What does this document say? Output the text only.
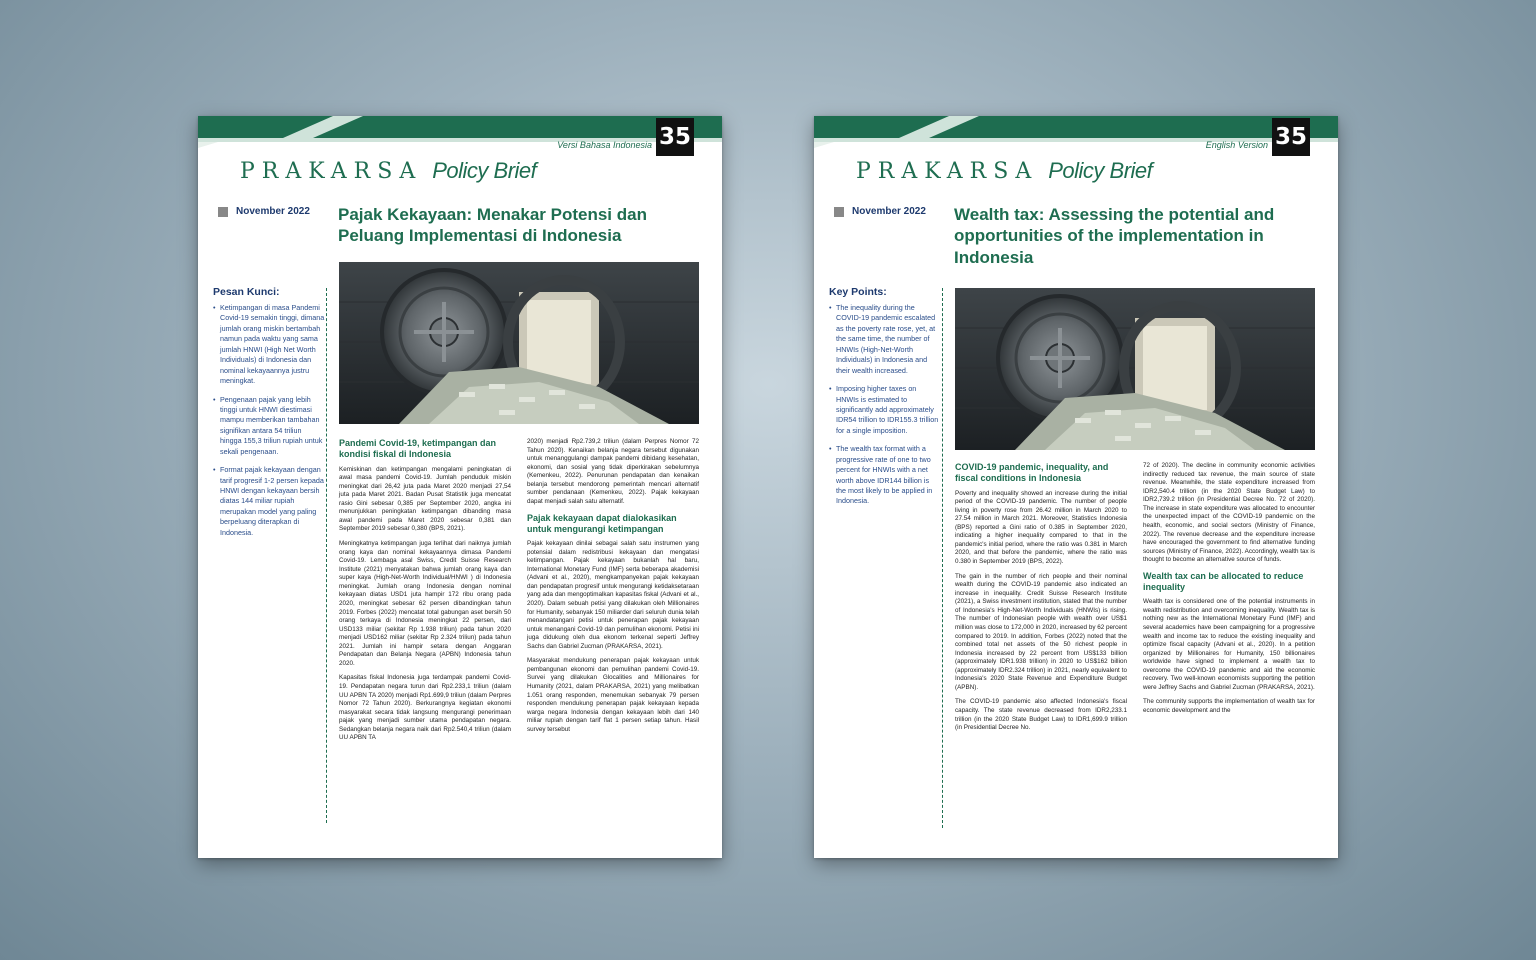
35
Versi Bahasa Indonesia
PRAKARSA Policy Brief
November 2022 Pajak Kekayaan: Menakar Potensi dan Peluang Implementasi di Indonesia
Pesan Kunci:
• Ketimpangan di masa Pandemi Covid-19 semakin tinggi, dimana jumlah orang miskin bertambah namun pada waktu yang sama jumlah HNWI (High Net Worth Individuals) di Indonesia dan nominal kekayaannya justru meningkat.
• Pengenaan pajak yang lebih tinggi untuk HNWI diestimasi mampu memberikan tambahan signifikan antara 54 triliun hingga 155,3 triliun rupiah untuk sekali pengenaan.
• Format pajak kekayaan dengan tarif progresif 1-2 persen kepada HNWI dengan kekayaan bersih diatas 144 miliar rupiah merupakan model yang paling berpeluang diterapkan di Indonesia.

Pandemi Covid-19, ketimpangan dan kondisi fiskal di Indonesia

Kemiskinan dan ketimpangan mengalami peningkatan di awal masa pandemi Covid-19. Jumlah penduduk miskin meningkat dari 26,42 juta pada Maret 2020 menjadi 27,54 juta pada Maret 2021. Badan Pusat Statistik juga mencatat rasio Gini sebesar 0,385 per September 2020, angka ini menunjukkan peningkatan ketimpangan dibanding masa awal pandemi pada Maret 2020 sebesar 0,381 dan September 2019 sebesar 0,380 (BPS, 2021).

Meningkatnya ketimpangan juga terlihat dari naiknya jumlah orang kaya dan nominal kekayaannya dimasa Pandemi Covid-19. Lembaga asal Swiss, Credit Suisse Research Institute (2021) menyatakan bahwa jumlah orang kaya dan super kaya (High-Net-Worth Individual/HNWI ) di Indonesia meningkat. Jumlah orang Indonesia dengan nominal kekayaan diatas USD1 juta hampir 172 ribu orang pada 2020, meningkat sebesar 62 persen dibandingkan tahun 2019. Forbes (2022) mencatat total gabungan aset bersih 50 orang terkaya di Indonesia meningkat 22 persen, dari USD133 miliar (sekitar Rp 1.938 triliun) pada tahun 2020 menjadi USD162 miliar (sekitar Rp 2.324 triliun) pada tahun 2021. Jumlah ini hampir setara dengan Anggaran Pendapatan dan Belanja Negara (APBN) Indonesia tahun 2020.

Kapasitas fiskal Indonesia juga terdampak pandemi Covid-19. Pendapatan negara turun dari Rp2.233,1 triliun (dalam UU APBN TA 2020) menjadi Rp1.699,9 triliun (dalam Perpres Nomor 72 Tahun 2020). Berkurangnya kegiatan ekonomi masyarakat secara tidak langsung mengurangi penerimaan pajak yang menjadi sumber utama pendapatan negara. Sedangkan belanja negara naik dari Rp2.540,4 triliun (dalam UU APBN TA

2020) menjadi Rp2.739,2 triliun (dalam Perpres Nomor 72 Tahun 2020). Kenaikan belanja negara tersebut digunakan untuk menanggulangi dampak pandemi dibidang kesehatan, ekonomi, dan sosial yang tidak diperkirakan sebelumnya (Kemenkeu, 2022). Penurunan pendapatan dan kenaikan belanja tersebut mendorong pemerintah mencari alternatif sumber pendanaan (Kemenkeu, 2022). Pajak kekayaan dapat menjadi salah satu alternatif.

Pajak kekayaan dapat dialokasikan untuk mengurangi ketimpangan

Pajak kekayaan dinilai sebagai salah satu instrumen yang potensial dalam redistribusi kekayaan dan mengatasi ketimpangan. Pajak kekayaan bukanlah hal baru, International Monetary Fund (IMF) serta beberapa akademisi (Advani et al., 2020), mengkampanyekan pajak kekayaan dan pendapatan progresif untuk mengurangi ketidaksetaraan yang ada dan mengoptimalkan kapasitas fiskal (Advani et al., 2020). Dalam sebuah petisi yang dilakukan oleh Millionaires for Humanity, sebanyak 150 miliarder dari seluruh dunia telah menandatangani petisi untuk penerapan pajak kekayaan untuk menangani Covid-19 dan pemulihan ekonomi. Petisi ini juga didukung oleh dua ekonom terkenal seperti Jeffrey Sachs dan Gabriel Zucman (PRAKARSA, 2021).

Masyarakat mendukung penerapan pajak kekayaan untuk pembangunan ekonomi dan pemulihan pandemi Covid-19. Survei yang dilakukan Glocalities and Millionaires for Humanity (2021, dalam PRAKARSA, 2021) yang melibatkan 1.051 orang responden, menemukan sebanyak 79 persen responden mendukung penerapan pajak kekayaan kepada warga negara Indonesia dengan kekayaan lebih dari 140 miliar rupiah dengan tarif flat 1 persen setiap tahun. Hasil survey tersebut

35
English Version
PRAKARSA Policy Brief
November 2022 Wealth tax: Assessing the potential and opportunities of the implementation in Indonesia
Key Points:
• The inequality during the COVID-19 pandemic escalated as the poverty rate rose, yet, at the same time, the number of HNWIs (High-Net-Worth Individuals) in Indonesia and their wealth increased.
• Imposing higher taxes on HNWIs is estimated to significantly add approximately IDR54 trillion to IDR155.3 trillion for a single imposition.
• The wealth tax format with a progressive rate of one to two percent for HNWIs with a net worth above IDR144 billion is the most likely to be applied in Indonesia.

COVID-19 pandemic, inequality, and fiscal conditions in Indonesia

Poverty and inequality showed an increase during the initial period of the COVID-19 pandemic. The number of people living in poverty rose from 26.42 million in March 2020 to 27.54 million in March 2021. Moreover, Statistics Indonesia (BPS) reported a Gini ratio of 0.385 in September 2020, indicating a higher inequality compared to that in the pandemic's initial period, where the ratio was 0.381 in March 2020, and that before the pandemic, where the ratio was 0.380 in September 2019 (BPS, 2022).

The gain in the number of rich people and their nominal wealth during the COVID-19 pandemic also indicated an increase in inequality. Credit Suisse Research Institute (2021), a Swiss investment institution, stated that the number of Indonesia's High-Net-Worth Individuals (HNWIs) is rising. The number of Indonesian people with wealth over US$1 million was close to 172,000 in 2020, increased by 62 percent compared to 2019. In addition, Forbes (2022) noted that the combined total net assets of the 50 richest people in Indonesia increased by 22 percent from US$133 billion (approximately IDR1.938 trillion) in 2020 to US$162 billion (approximately IDR2.324 trillion) in 2021, nearly equivalent to Indonesia's 2020 State Revenue and Expenditure Budget (APBN).

The COVID-19 pandemic also affected Indonesia's fiscal capacity. The state revenue decreased from IDR2,233.1 trillion (in the 2020 State Budget Law) to IDR1,699.9 trillion (in Presidential Decree No.

72 of 2020). The decline in community economic activities indirectly reduced tax revenue, the main source of state revenue. Meanwhile, the state expenditure increased from IDR2,540.4 trillion (in the 2020 State Budget Law) to IDR2,739.2 trillion (in Presidential Decree No. 72 of 2020). The increase in state expenditure was allocated to encounter the unexpected impact of the COVID-19 pandemic on the health, economic, and social sectors (Ministry of Finance, 2022). The revenue decrease and the expenditure increase have encouraged the government to find alternative funding sources (Ministry of Finance, 2022). Accordingly, wealth tax is thought to become an alternative source of funds.

Wealth tax can be allocated to reduce inequality

Wealth tax is considered one of the potential instruments in wealth redistribution and overcoming inequality. Wealth tax is nothing new as the International Monetary Fund (IMF) and several academics have been campaigning for a progressive wealth and income tax to reduce the existing inequality and optimize fiscal capacity (Advani et al., 2020). In a petition organized by Millionaires for Humanity, 150 billionaires worldwide have signed to implement a wealth tax to overcome the COVID-19 pandemic and aid the economic recovery. Two well-known economists supporting the petition were Jeffrey Sachs and Gabriel Zucman (PRAKARSA, 2021).

The community supports the implementation of wealth tax for economic development and the
